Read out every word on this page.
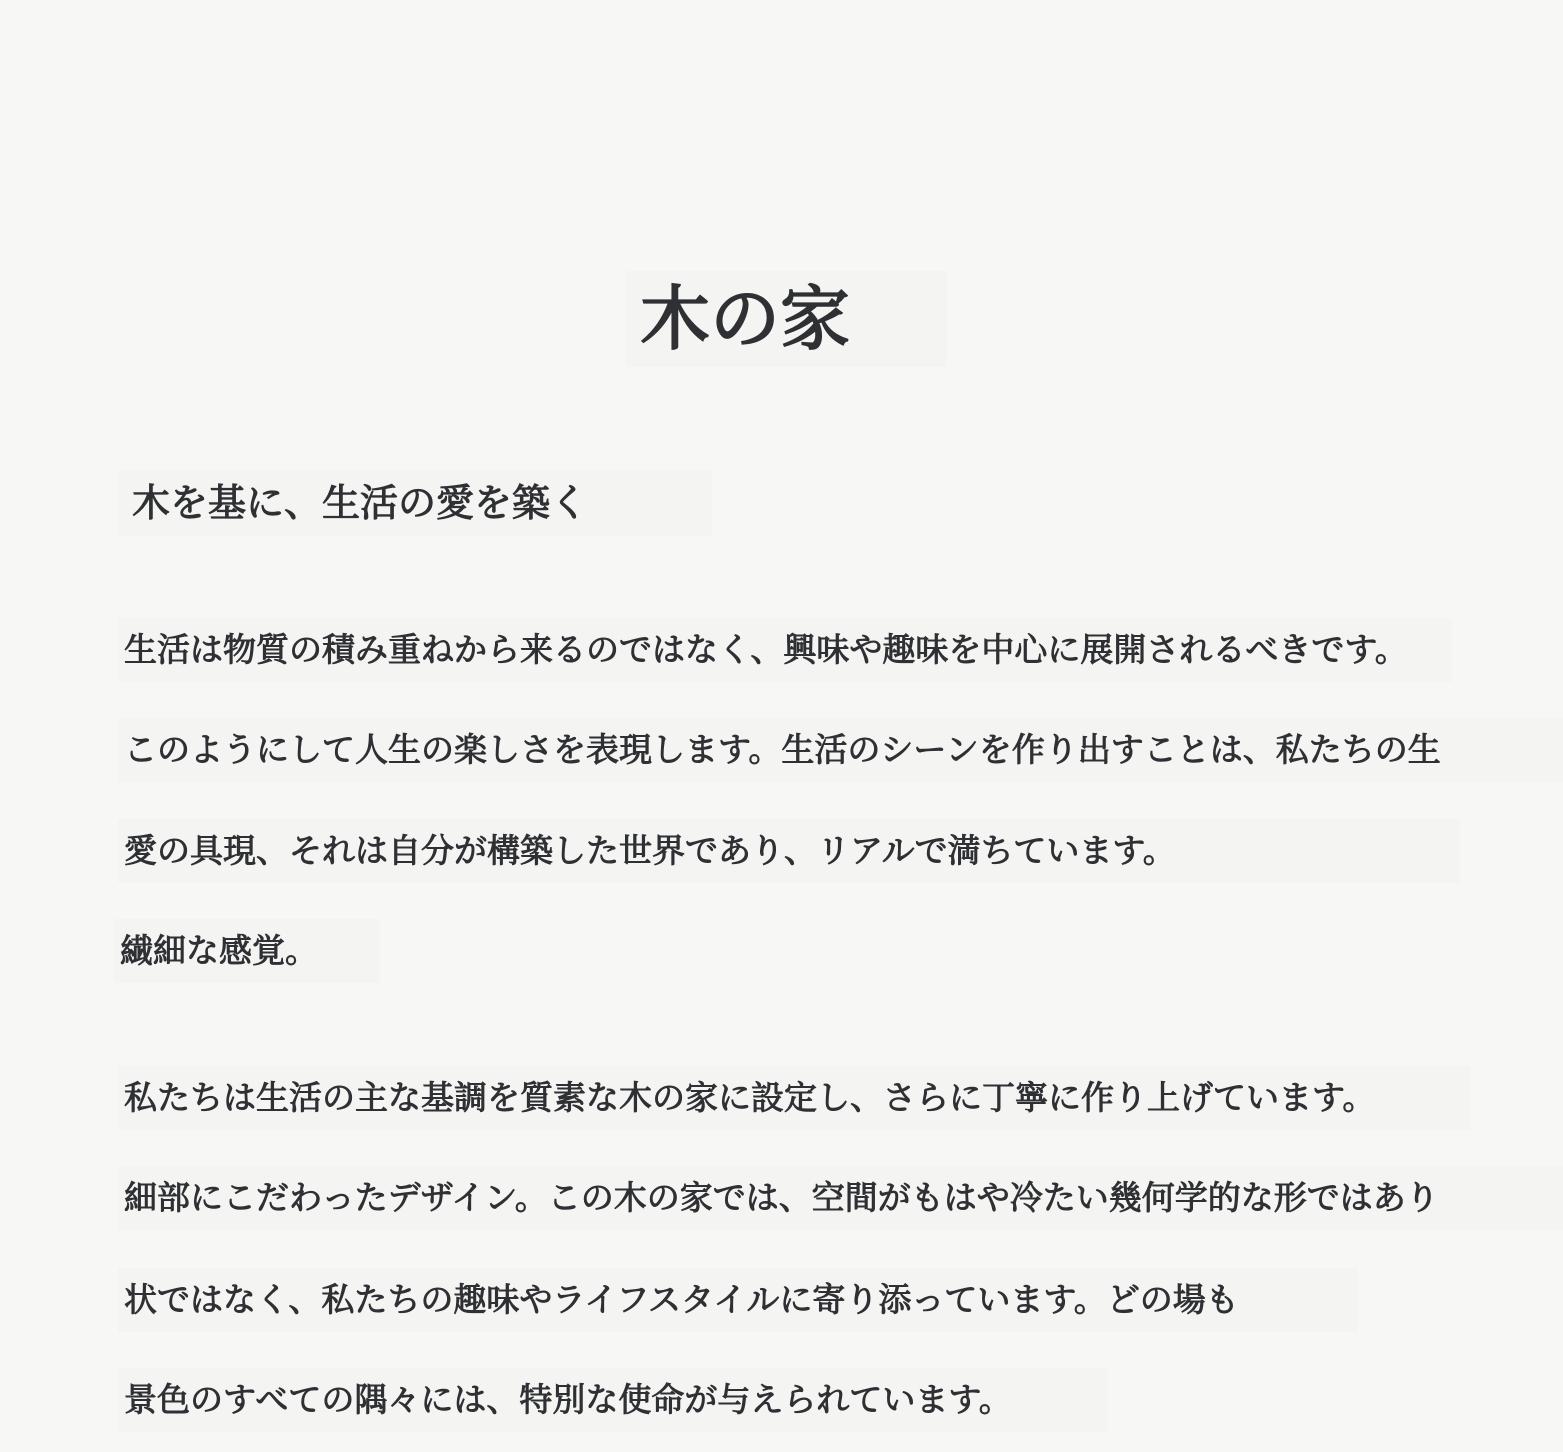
木の家
木を基に、生活の愛を築く
生活は物質の積み重ねから来るのではなく、興味や趣味を中心に展開されるべきです。
このようにして人生の楽しさを表現します。生活のシーンを作り出すことは、私たちの生
愛の具現、それは自分が構築した世界であり、リアルで満ちています。
繊細な感覚。
私たちは生活の主な基調を質素な木の家に設定し、さらに丁寧に作り上げています。
細部にこだわったデザイン。この木の家では、空間がもはや冷たい幾何学的な形ではあり
状ではなく、私たちの趣味やライフスタイルに寄り添っています。どの場も
景色のすべての隅々には、特別な使命が与えられています。
